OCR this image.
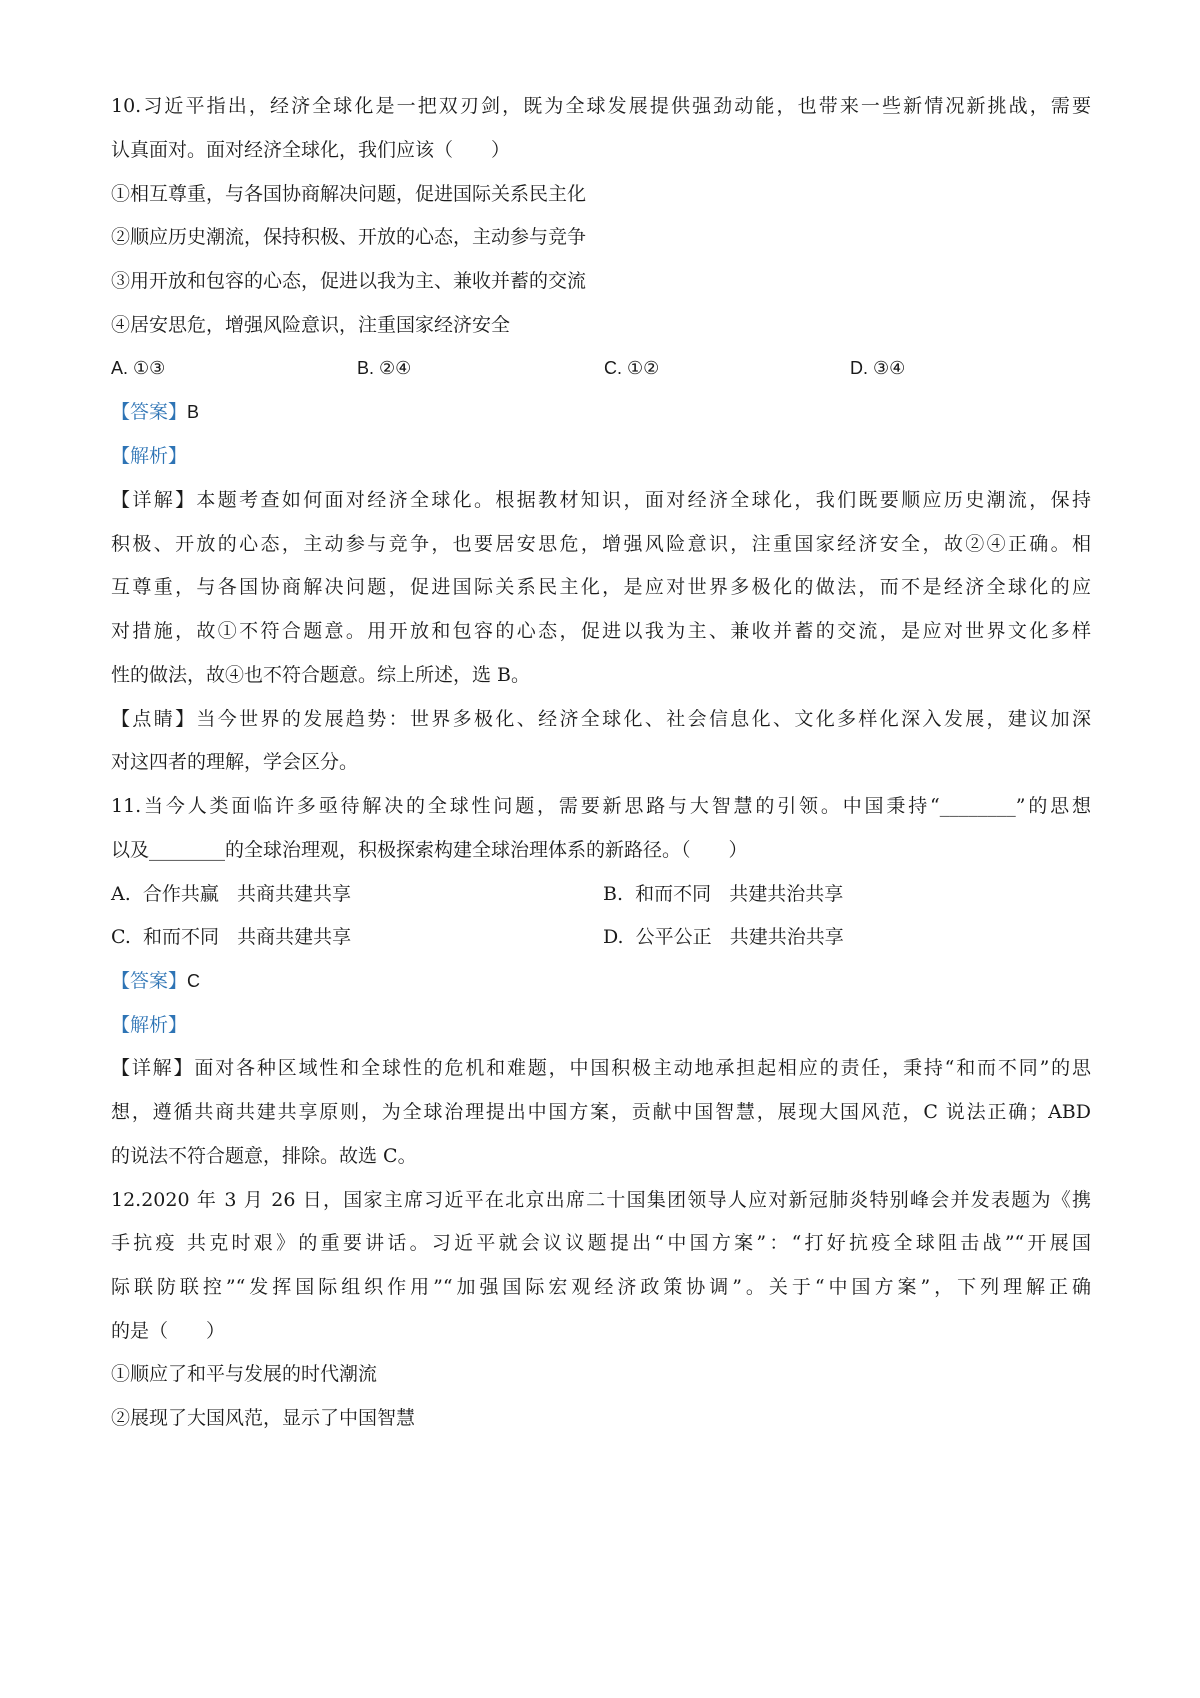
10.习近平指出，经济全球化是一把双刃剑，既为全球发展提供强劲动能，也带来一些新情况新挑战，需要
认真面对。面对经济全球化，我们应该（　　）
①相互尊重，与各国协商解决问题，促进国际关系民主化
②顺应历史潮流，保持积极、开放的心态，主动参与竞争
③用开放和包容的心态，促进以我为主、兼收并蓄的交流
④居安思危，增强风险意识，注重国家经济安全
A. ①③	B. ②④	C. ①②	D. ③④
【答案】B
【解析】
【详解】本题考查如何面对经济全球化。根据教材知识，面对经济全球化，我们既要顺应历史潮流，保持
积极、开放的心态，主动参与竞争，也要居安思危，增强风险意识，注重国家经济安全，故②④正确。相
互尊重，与各国协商解决问题，促进国际关系民主化，是应对世界多极化的做法，而不是经济全球化的应
对措施，故①不符合题意。用开放和包容的心态，促进以我为主、兼收并蓄的交流，是应对世界文化多样
性的做法，故④也不符合题意。综上所述，选 B。
【点睛】当今世界的发展趋势：世界多极化、经济全球化、社会信息化、文化多样化深入发展，建议加深
对这四者的理解，学会区分。
11.当今人类面临许多亟待解决的全球性问题，需要新思路与大智慧的引领。中国秉持“________”的思想
以及________的全球治理观，积极探索构建全球治理体系的新路径。（　　）
A.  合作共赢   共商共建共享	B.  和而不同   共建共治共享
C.  和而不同   共商共建共享	D.  公平公正   共建共治共享
【答案】C
【解析】
【详解】面对各种区域性和全球性的危机和难题，中国积极主动地承担起相应的责任，秉持“和而不同”的思
想，遵循共商共建共享原则，为全球治理提出中国方案，贡献中国智慧，展现大国风范，C 说法正确；ABD
的说法不符合题意，排除。故选 C。
12.2020 年 3 月 26 日，国家主席习近平在北京出席二十国集团领导人应对新冠肺炎特别峰会并发表题为《携
手抗疫 共克时艰》的重要讲话。习近平就会议议题提出“中国方案”：“打好抗疫全球阻击战”“开展国
际联防联控”“发挥国际组织作用”“加强国际宏观经济政策协调”。关于“中国方案”，下列理解正确
的是（　　）
①顺应了和平与发展的时代潮流
②展现了大国风范，显示了中国智慧
